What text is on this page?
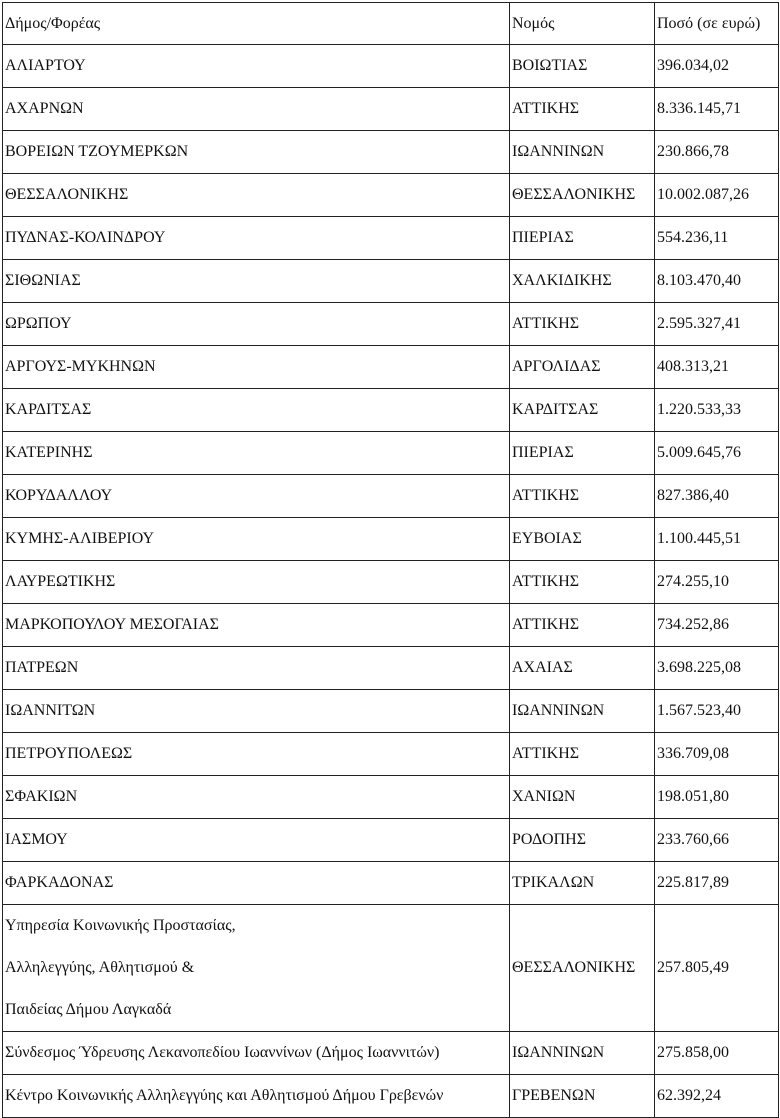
Δήμος/Φορέας	Νομός	Ποσό (σε ευρώ)

ΑΛΙΑΡΤΟΥ	ΒΟΙΩΤΙΑΣ	396.034,02

ΑΧΑΡΝΩΝ	ΑΤΤΙΚΗΣ	8.336.145,71

ΒΟΡΕΙΩΝ ΤΖΟΥΜΕΡΚΩΝ	ΙΩΑΝΝΙΝΩΝ	230.866,78

ΘΕΣΣΑΛΟΝΙΚΗΣ	ΘΕΣΣΑΛΟΝΙΚΗΣ	10.002.087,26

ΠΥΔΝΑΣ-ΚΟΛΙΝΔΡΟΥ	ΠΙΕΡΙΑΣ	554.236,11

ΣΙΘΩΝΙΑΣ	ΧΑΛΚΙΔΙΚΗΣ	8.103.470,40

ΩΡΩΠΟΥ	ΑΤΤΙΚΗΣ	2.595.327,41

ΑΡΓΟΥΣ-ΜΥΚΗΝΩΝ	ΑΡΓΟΛΙΔΑΣ	408.313,21

ΚΑΡΔΙΤΣΑΣ	ΚΑΡΔΙΤΣΑΣ	1.220.533,33

ΚΑΤΕΡΙΝΗΣ	ΠΙΕΡΙΑΣ	5.009.645,76

ΚΟΡΥΔΑΛΛΟΥ	ΑΤΤΙΚΗΣ	827.386,40

ΚΥΜΗΣ-ΑΛΙΒΕΡΙΟΥ	ΕΥΒΟΙΑΣ	1.100.445,51

ΛΑΥΡΕΩΤΙΚΗΣ	ΑΤΤΙΚΗΣ	274.255,10

ΜΑΡΚΟΠΟΥΛΟΥ ΜΕΣΟΓΑΙΑΣ	ΑΤΤΙΚΗΣ	734.252,86

ΠΑΤΡΕΩΝ	ΑΧΑΙΑΣ	3.698.225,08

ΙΩΑΝΝΙΤΩΝ	ΙΩΑΝΝΙΝΩΝ	1.567.523,40

ΠΕΤΡΟΥΠΟΛΕΩΣ	ΑΤΤΙΚΗΣ	336.709,08

ΣΦΑΚΙΩΝ	ΧΑΝΙΩΝ	198.051,80

ΙΑΣΜΟΥ	ΡΟΔΟΠΗΣ	233.760,66

ΦΑΡΚΑΔΟΝΑΣ	ΤΡΙΚΑΛΩΝ	225.817,89

Υπηρεσία Κοινωνικής Προστασίας,
Αλληλεγγύης, Αθλητισμού &
Παιδείας Δήμου Λαγκαδά	ΘΕΣΣΑΛΟΝΙΚΗΣ	257.805,49

Σύνδεσμος Ύδρευσης Λεκανοπεδίου Ιωαννίνων (Δήμος Ιωαννιτών)	ΙΩΑΝΝΙΝΩΝ	275.858,00

Κέντρο Κοινωνικής Αλληλεγγύης και Αθλητισμού Δήμου Γρεβενών	ΓΡΕΒΕΝΩΝ	62.392,24
